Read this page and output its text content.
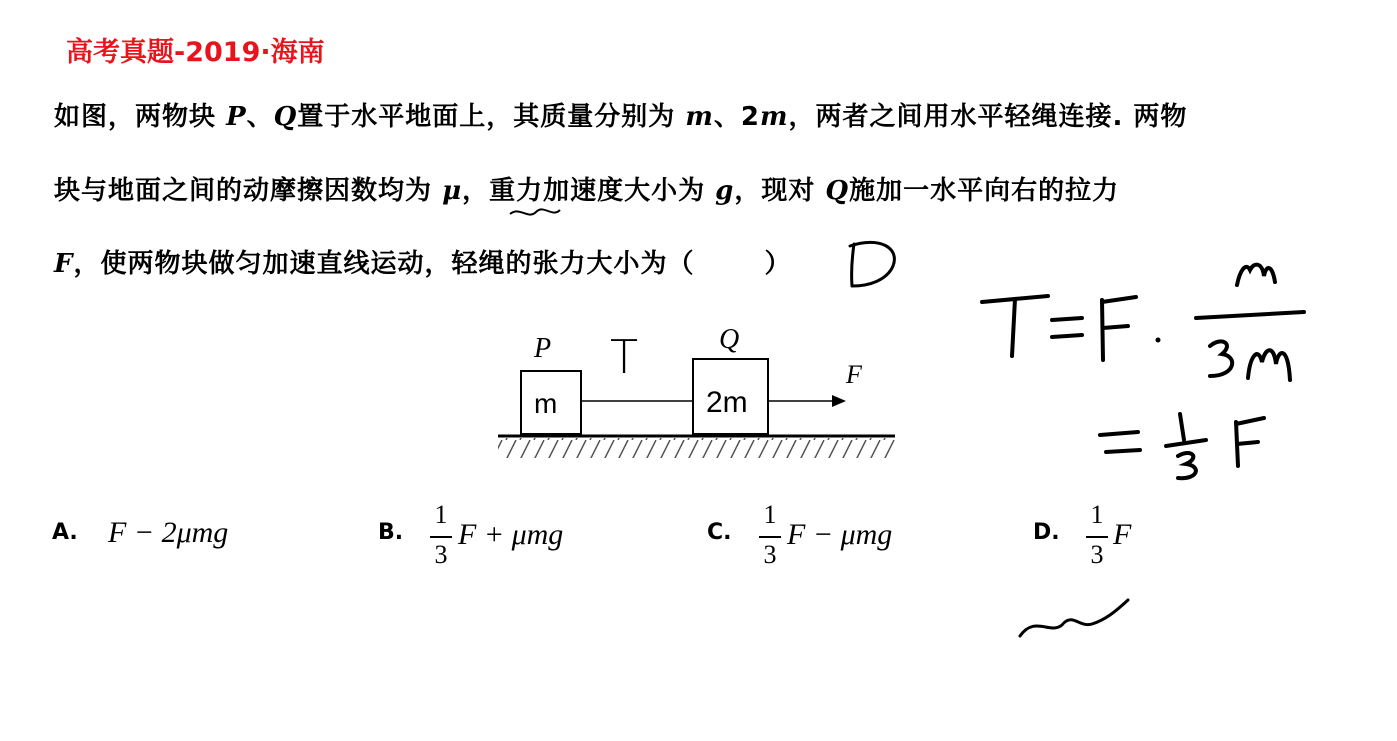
高考真题-2019·海南
如图，两物块 P、Q置于水平地面上，其质量分别为 m、2m，两者之间用水平轻绳连接. 两物
块与地面之间的动摩擦因数均为 μ，重力加速度大小为 g，现对 Q施加一水平向右的拉力
F，使两物块做匀加速直线运动，轻绳的张力大小为（	）
P	Q
m	2m
F
T
A. F − 2μmg	B.
1
3
F + μmg	C.
1
3
F − μmg	D.
1
3
F
